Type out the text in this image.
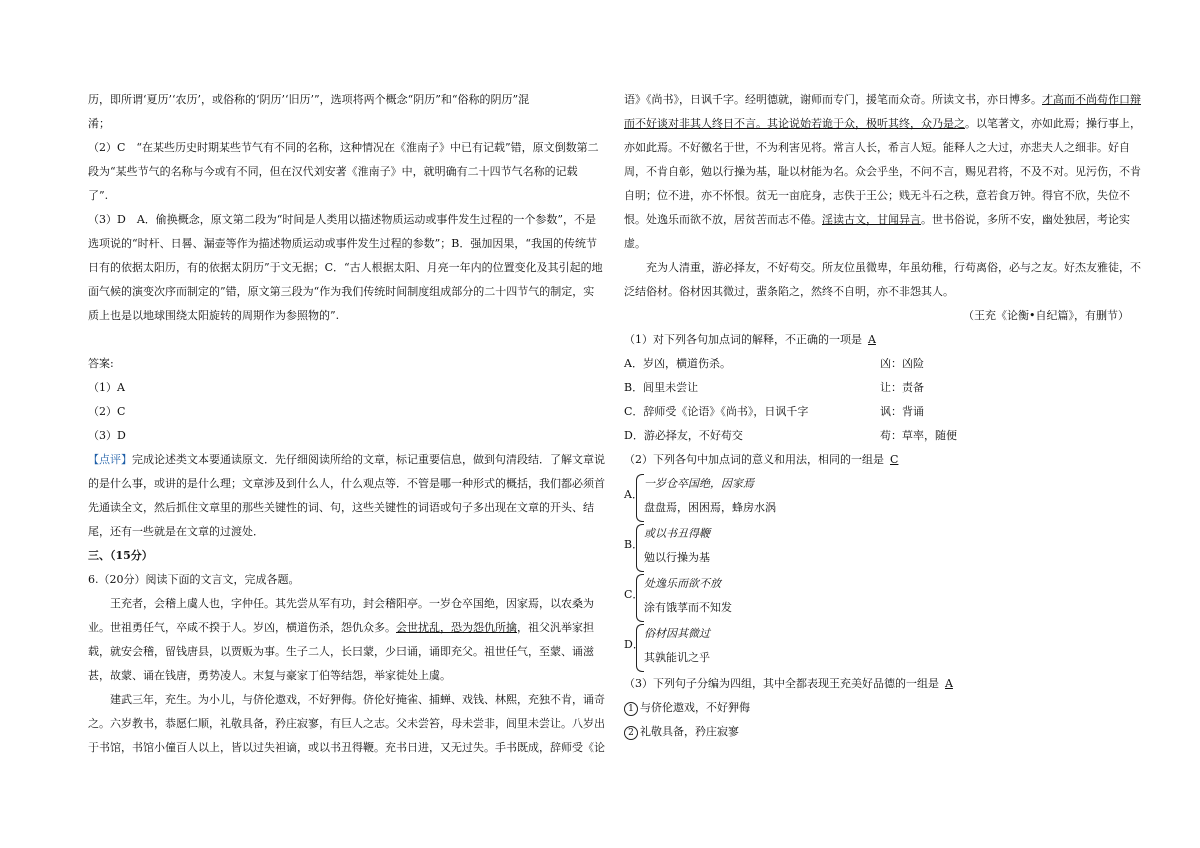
历，即所谓‘夏历’‘农历’，或俗称的‘阴历’‘旧历’”，选项将两个概念“阴历”和“俗称的阴历”混
淆；
（2）C　“在某些历史时期某些节气有不同的名称，这种情况在《淮南子》中已有记载”错，原文倒数第二
段为“某些节气的名称与今或有不同，但在汉代刘安著《淮南子》中，就明确有二十四节气名称的记载
了”.
（3）D　A．偷换概念，原文第二段为“时间是人类用以描述物质运动或事件发生过程的一个参数”，不是
选项说的“时杆、日晷、漏壶等作为描述物质运动或事件发生过程的参数”；B．强加因果，“我国的传统节
日有的依据太阳历，有的依据太阴历”于文无据；C．“古人根据太阳、月亮一年内的位置变化及其引起的地
面气候的演变次序而制定的”错，原文第三段为“作为我们传统时间制度组成部分的二十四节气的制定，实
质上也是以地球围绕太阳旋转的周期作为参照物的”.
答案:
（1）A
（2）C
（3）D
【点评】完成论述类文本要通读原文．先仔细阅读所给的文章，标记重要信息，做到句清段结．了解文章说
的是什么事，或讲的是什么理；文章涉及到什么人，什么观点等．不管是哪一种形式的概括，我们都必须首
先通读全文，然后抓住文章里的那些关键性的词、句，这些关键性的词语或句子多出现在文章的开头、结
尾，还有一些就是在文章的过渡处．
三、（15分）
6.（20分）阅读下面的文言文，完成各题。
王充者，会稽上虞人也，字仲任。其先尝从军有功，封会稽阳亭。一岁仓卒国绝，因家焉，以农桑为
业。世祖勇任气，卒咸不揆于人。岁凶，横道伤杀，怨仇众多。会世扰乱，恐为怨仇所擒，祖父汎举家担
载，就安会稽，留钱唐县，以贾贩为事。生子二人，长曰蒙，少曰诵，诵即充父。祖世任气，至蒙、诵滋
甚，故蒙、诵在钱唐，勇势凌人。末复与豪家丁伯等结怨，举家徙处上虞。
建武三年，充生。为小儿，与侪伦遨戏，不好狎侮。侪伦好掩雀、捕蝉、戏钱、林熙，充独不肯，诵奇
之。六岁教书，恭愿仁顺，礼敬具备，矜庄寂寥，有巨人之志。父未尝笞，母未尝非，闾里未尝让。八岁出
于书馆，书馆小僮百人以上，皆以过失袒谪，或以书丑得鞭。充书日进，又无过失。手书既成，辞师受《论
语》《尚书》，日讽千字。经明德就，谢师而专门，援笔而众奇。所读文书，亦日博多。才高而不尚苟作口辩
而不好谈对非其人终日不言。其论说始若诡于众，极听其终，众乃是之。以笔著文，亦如此焉；操行事上，
亦如此焉。不好徼名于世，不为利害见将。常言人长，希言人短。能释人之大过，亦悲夫人之细非。好自
周，不肯自彰，勉以行操为基，耻以材能为名。众会乎坐，不问不言，赐见君将，不及不对。见污伤，不肯
自明；位不进，亦不怀恨。贫无一亩庇身，志佚于王公；贱无斗石之秩，意若食万钟。得官不欣，失位不
恨。处逸乐而欲不放，居贫苦而志不倦。淫读古文，甘闻异言。世书俗说，多所不安，幽处独居，考论实
虚。
充为人清重，游必择友，不好苟交。所友位虽微卑，年虽幼稚，行苟离俗，必与之友。好杰友雅徒，不
泛结俗材。俗材因其微过，蜚条陷之，然终不自明，亦不非怨其人。
（王充《论衡•自纪篇》，有删节）
（1）对下列各句加点词的解释，不正确的一项是 A
A．岁凶，横道伤杀。	凶：凶险
B．闾里未尝让	让：责备
C．辞师受《论语》《尚书》，日讽千字	讽：背诵
D．游必择友，不好苟交	苟：草率，随便
（2）下列各句中加点词的意义和用法，相同的一组是 C
A．
一岁仓卒国绝，因家焉
盘盘焉，困困焉，蜂房水涡
B．
或以书丑得鞭
勉以行操为基
C．
处逸乐而欲不放
涂有饿莩而不知发
D．
俗材因其微过
其孰能讥之乎
（3）下列句子分编为四组，其中全都表现王充美好品德的一组是 A
1 与侪伦遨戏，不好狎侮
2 礼敬具备，矜庄寂寥
